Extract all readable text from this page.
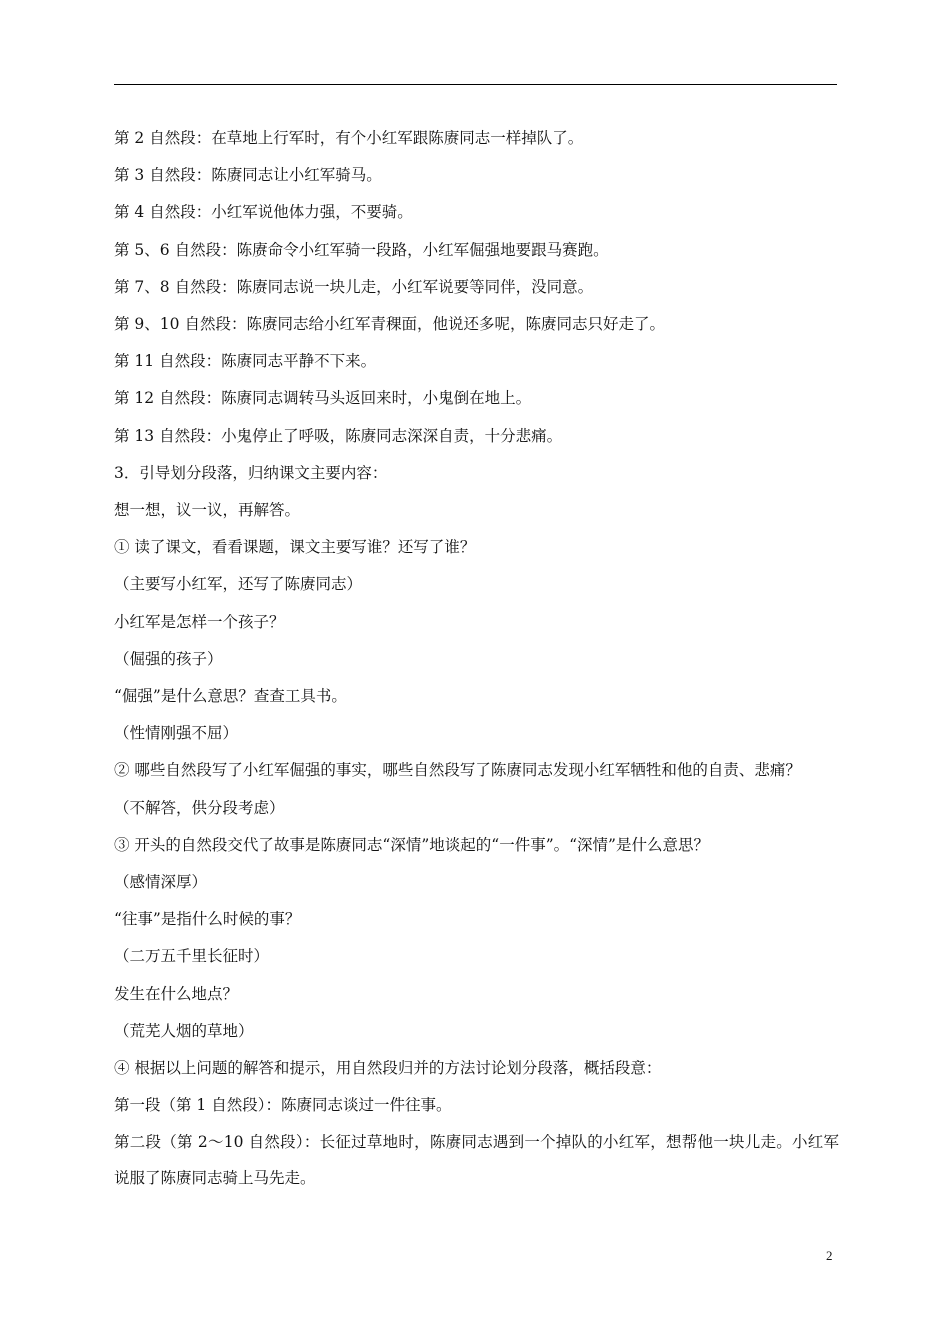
第 2 自然段：在草地上行军时，有个小红军跟陈赓同志一样掉队了。
第 3 自然段：陈赓同志让小红军骑马。
第 4 自然段：小红军说他体力强，不要骑。
第 5、6 自然段：陈赓命令小红军骑一段路，小红军倔强地要跟马赛跑。
第 7、8 自然段：陈赓同志说一块儿走，小红军说要等同伴，没同意。
第 9、10 自然段：陈赓同志给小红军青稞面，他说还多呢，陈赓同志只好走了。
第 11 自然段：陈赓同志平静不下来。
第 12 自然段：陈赓同志调转马头返回来时，小鬼倒在地上。
第 13 自然段：小鬼停止了呼吸，陈赓同志深深自责，十分悲痛。
3．引导划分段落，归纳课文主要内容：
想一想，议一议，再解答。
① 读了课文，看看课题，课文主要写谁？还写了谁？
（主要写小红军，还写了陈赓同志）
小红军是怎样一个孩子？
（倔强的孩子）
“倔强”是什么意思？查查工具书。
（性情刚强不屈）
② 哪些自然段写了小红军倔强的事实，哪些自然段写了陈赓同志发现小红军牺牲和他的自责、悲痛？
（不解答，供分段考虑）
③ 开头的自然段交代了故事是陈赓同志“深情”地谈起的“一件事”。“深情”是什么意思？
（感情深厚）
“往事”是指什么时候的事？
（二万五千里长征时）
发生在什么地点？
（荒芜人烟的草地）
④ 根据以上问题的解答和提示，用自然段归并的方法讨论划分段落，概括段意：
第一段（第 1 自然段）：陈赓同志谈过一件往事。
第二段（第 2～10 自然段）：长征过草地时，陈赓同志遇到一个掉队的小红军，想帮他一块儿走。小红军说服了陈赓同志骑上马先走。
2
